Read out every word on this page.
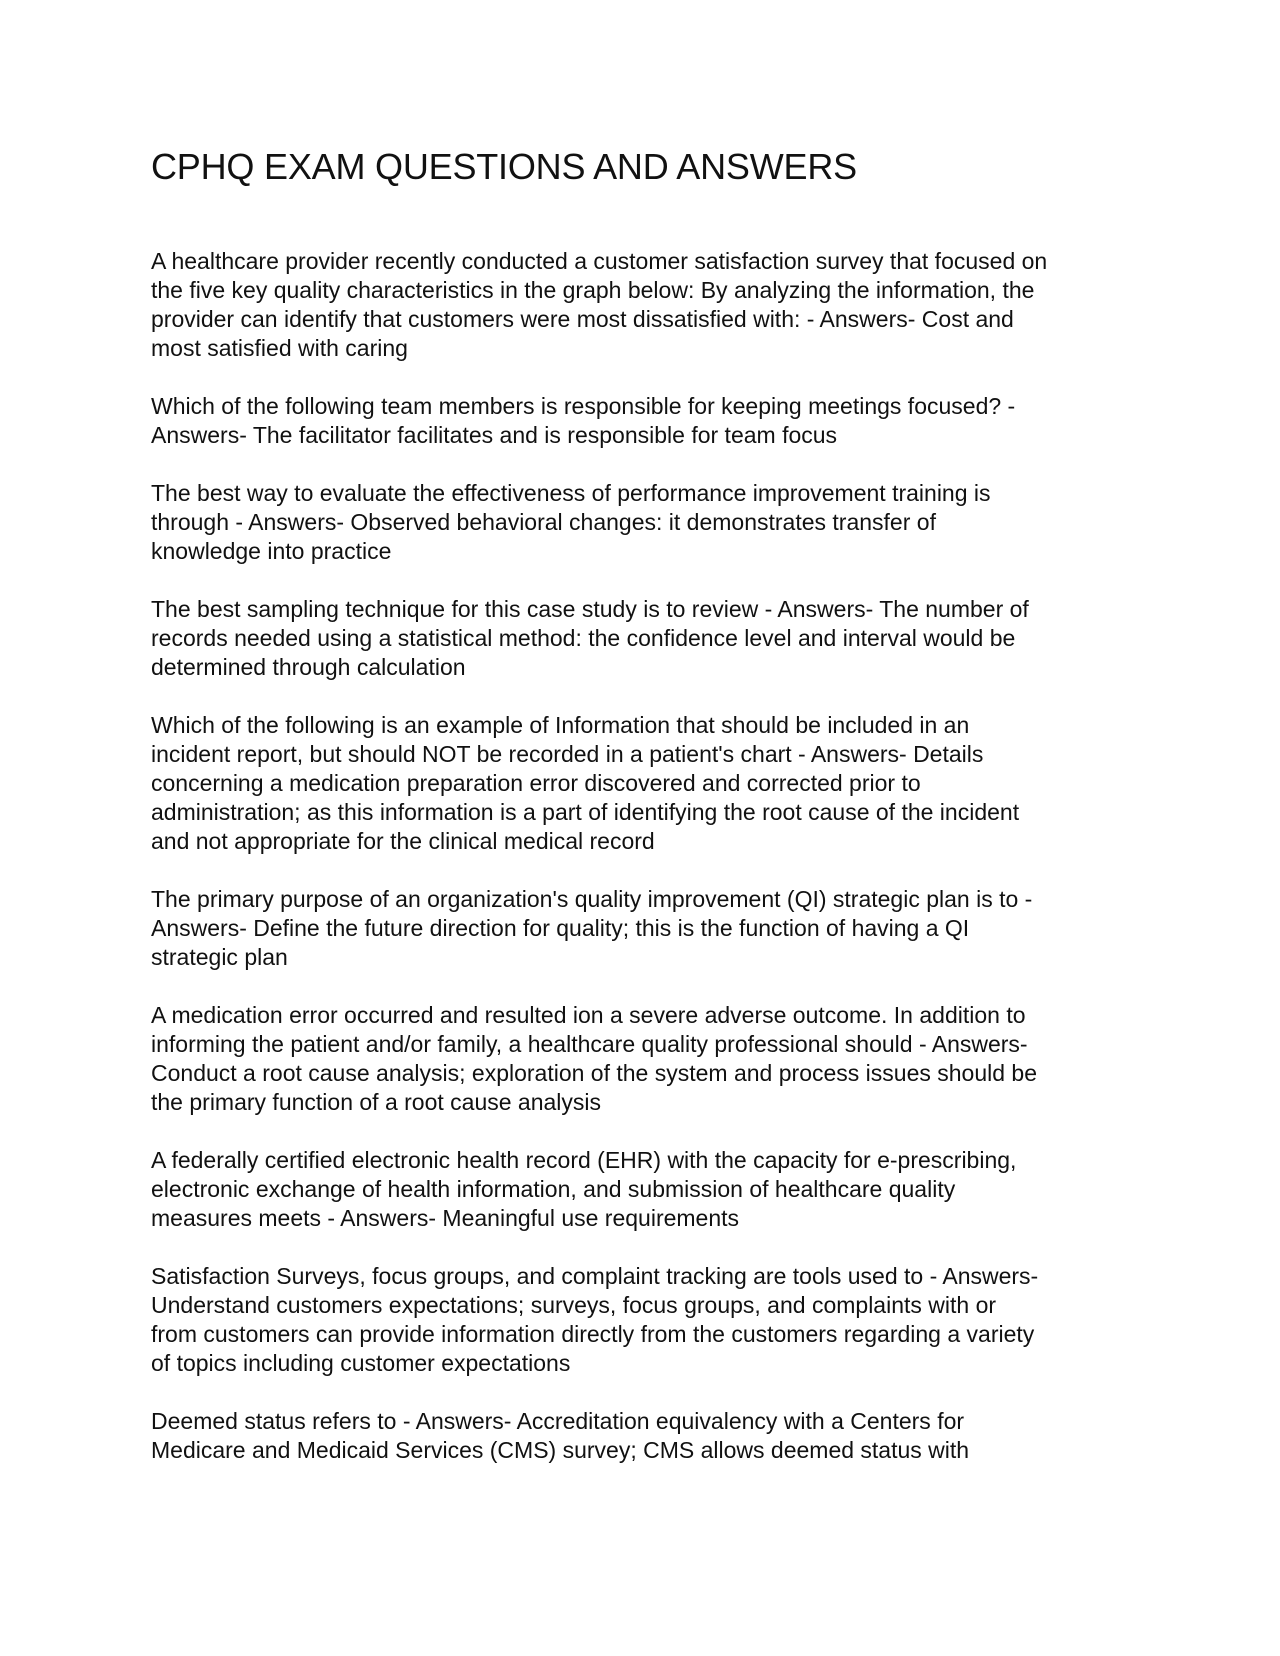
CPHQ EXAM QUESTIONS AND ANSWERS

A healthcare provider recently conducted a customer satisfaction survey that focused on
the five key quality characteristics in the graph below: By analyzing the information, the
provider can identify that customers were most dissatisfied with: - Answers- Cost and
most satisfied with caring

Which of the following team members is responsible for keeping meetings focused? -
Answers- The facilitator facilitates and is responsible for team focus

The best way to evaluate the effectiveness of performance improvement training is
through - Answers- Observed behavioral changes: it demonstrates transfer of
knowledge into practice

The best sampling technique for this case study is to review - Answers- The number of
records needed using a statistical method: the confidence level and interval would be
determined through calculation

Which of the following is an example of Information that should be included in an
incident report, but should NOT be recorded in a patient's chart - Answers- Details
concerning a medication preparation error discovered and corrected prior to
administration; as this information is a part of identifying the root cause of the incident
and not appropriate for the clinical medical record

The primary purpose of an organization's quality improvement (QI) strategic plan is to -
Answers- Define the future direction for quality; this is the function of having a QI
strategic plan

A medication error occurred and resulted ion a severe adverse outcome. In addition to
informing the patient and/or family, a healthcare quality professional should - Answers-
Conduct a root cause analysis; exploration of the system and process issues should be
the primary function of a root cause analysis

A federally certified electronic health record (EHR) with the capacity for e-prescribing,
electronic exchange of health information, and submission of healthcare quality
measures meets - Answers- Meaningful use requirements

Satisfaction Surveys, focus groups, and complaint tracking are tools used to - Answers-
Understand customers expectations; surveys, focus groups, and complaints with or
from customers can provide information directly from the customers regarding a variety
of topics including customer expectations

Deemed status refers to - Answers- Accreditation equivalency with a Centers for
Medicare and Medicaid Services (CMS) survey; CMS allows deemed status with
